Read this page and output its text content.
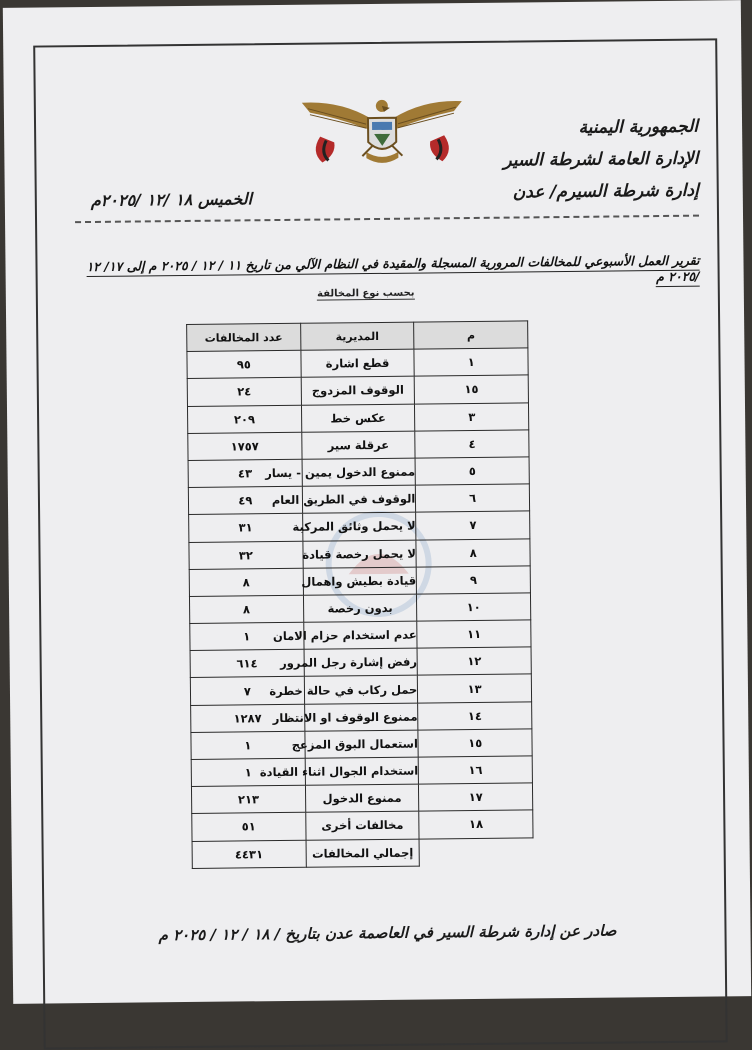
الجمهورية اليمنية
الإدارة العامة لشرطة السير
إدارة شرطة السيرم/ عدن
الخميس ١٨ /١٢ /٢٠٢٥م
تقرير العمل الأسبوعي للمخالفات المرورية المسجلة والمقيدة في النظام الآلي من تاريخ ١١ / ١٢ / ٢٠٢٥ م إلى ١٧/ ١٢ /٢٠٢٥ م
بحسب نوع المخالفة
م	المديرية	عدد المخالفات
١	قطع اشارة	٩٥
١٥	الوقوف المزدوج	٢٤
٣	عكس خط	٢٠٩
٤	عرقلة سير	١٧٥٧
٥	ممنوع الدخول يمين - يسار	٤٣
٦	الوقوف في الطريق العام	٤٩
٧	لا يحمل وثائق المركبة	٣١
٨	لا يحمل رخصة قيادة	٣٢
٩	قيادة بطيش واهمال	٨
١٠	بدون رخصة	٨
١١	عدم استخدام حزام الامان	١
١٢	رفض إشارة رجل المرور	٦١٤
١٣	حمل ركاب في حالة خطرة	٧
١٤	ممنوع الوقوف او الانتظار	١٢٨٧
١٥	استعمال البوق المزعج	١
١٦	استخدام الجوال اثناء القيادة	١
١٧	ممنوع الدخول	٢١٣
١٨	مخالفات أخرى	٥١
	إجمالي المخالفات	٤٤٣١
صادر عن إدارة شرطة السير في العاصمة عدن بتاريخ / ١٨ / ١٢ / ٢٠٢٥ م
